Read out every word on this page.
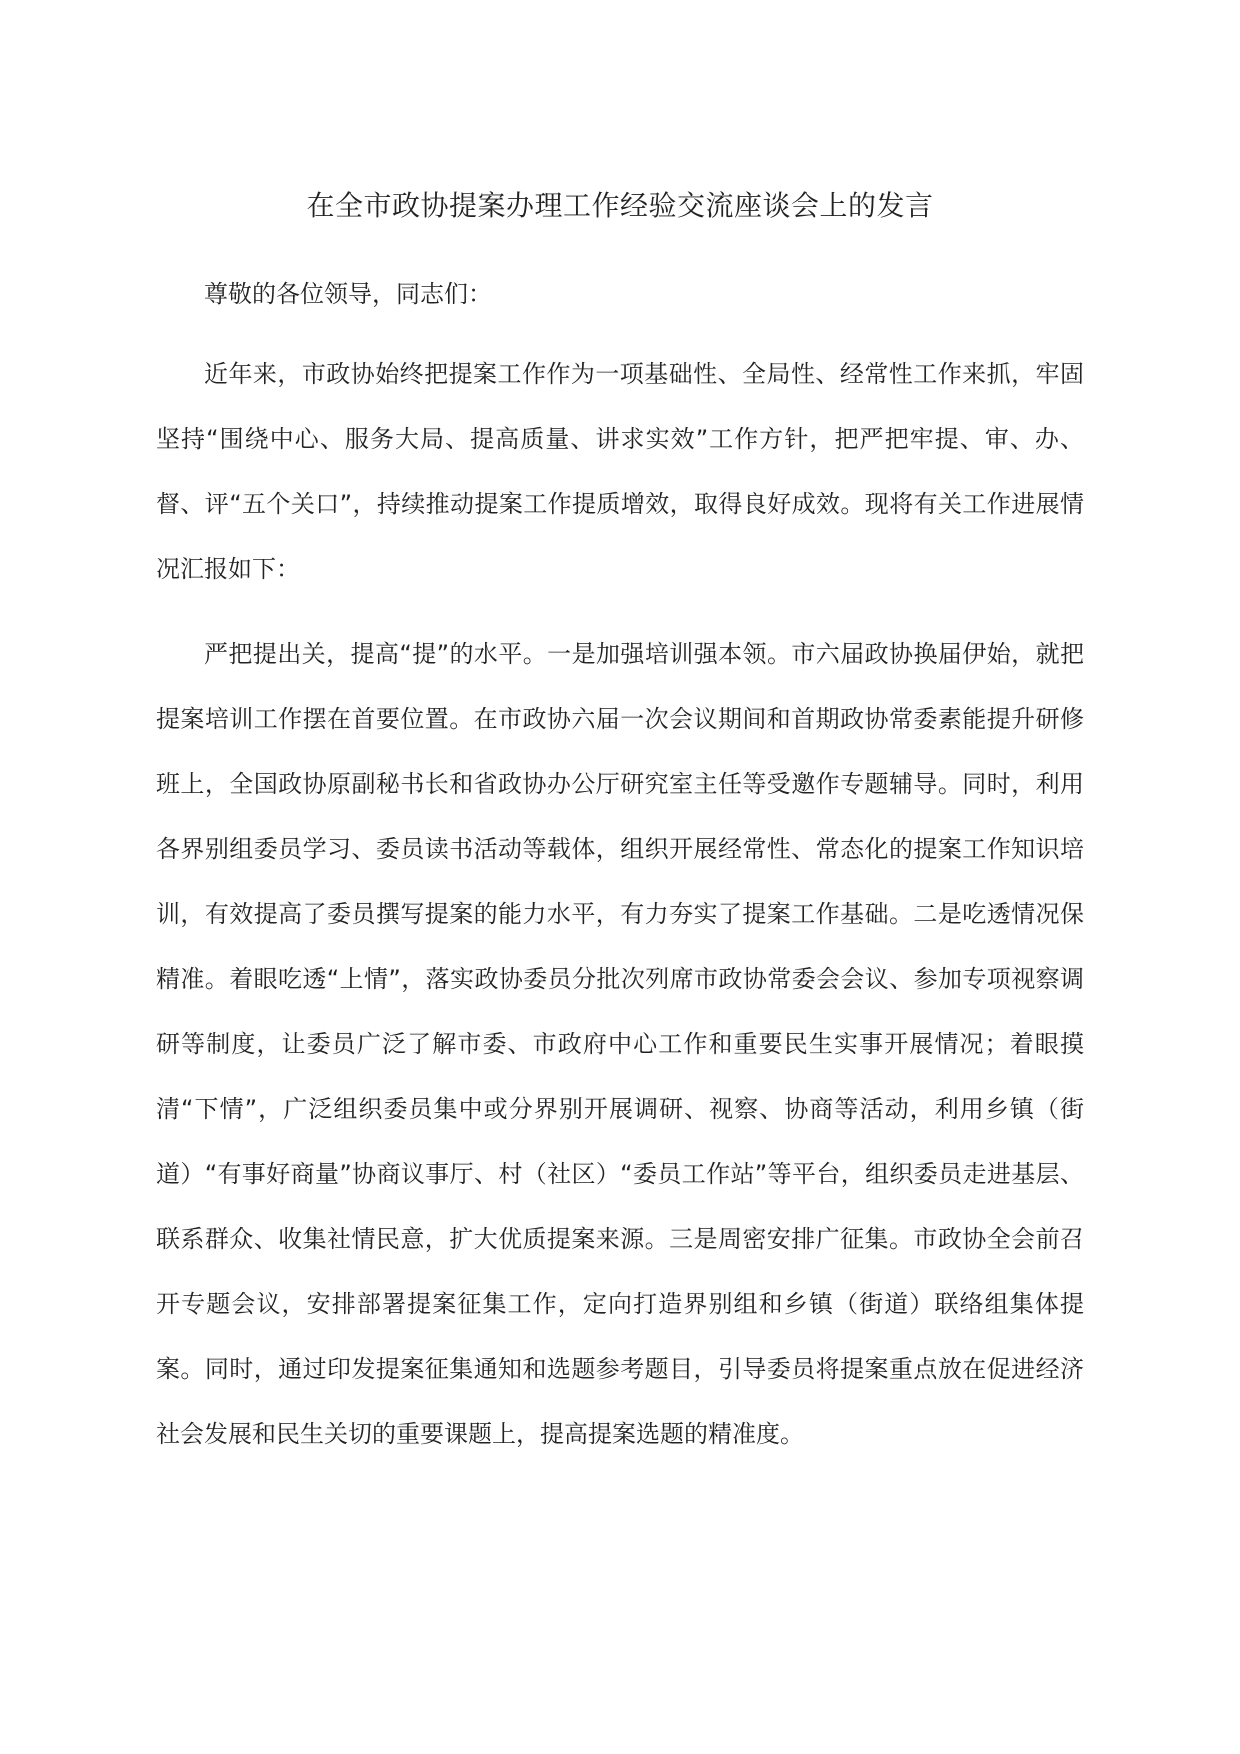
在全市政协提案办理工作经验交流座谈会上的发言

尊敬的各位领导，同志们：

近年来，市政协始终把提案工作作为一项基础性、全局性、经常性工作来抓，牢固坚持“围绕中心、服务大局、提高质量、讲求实效”工作方针，把严把牢提、审、办、督、评“五个关口”，持续推动提案工作提质增效，取得良好成效。现将有关工作进展情况汇报如下：

严把提出关，提高“提”的水平。一是加强培训强本领。市六届政协换届伊始，就把提案培训工作摆在首要位置。在市政协六届一次会议期间和首期政协常委素能提升研修班上，全国政协原副秘书长和省政协办公厅研究室主任等受邀作专题辅导。同时，利用各界别组委员学习、委员读书活动等载体，组织开展经常性、常态化的提案工作知识培训，有效提高了委员撰写提案的能力水平，有力夯实了提案工作基础。二是吃透情况保精准。着眼吃透“上情”，落实政协委员分批次列席市政协常委会会议、参加专项视察调研等制度，让委员广泛了解市委、市政府中心工作和重要民生实事开展情况；着眼摸清“下情”，广泛组织委员集中或分界别开展调研、视察、协商等活动，利用乡镇（街道）“有事好商量”协商议事厅、村（社区）“委员工作站”等平台，组织委员走进基层、联系群众、收集社情民意，扩大优质提案来源。三是周密安排广征集。市政协全会前召开专题会议，安排部署提案征集工作，定向打造界别组和乡镇（街道）联络组集体提案。同时，通过印发提案征集通知和选题参考题目，引导委员将提案重点放在促进经济社会发展和民生关切的重要课题上，提高提案选题的精准度。
